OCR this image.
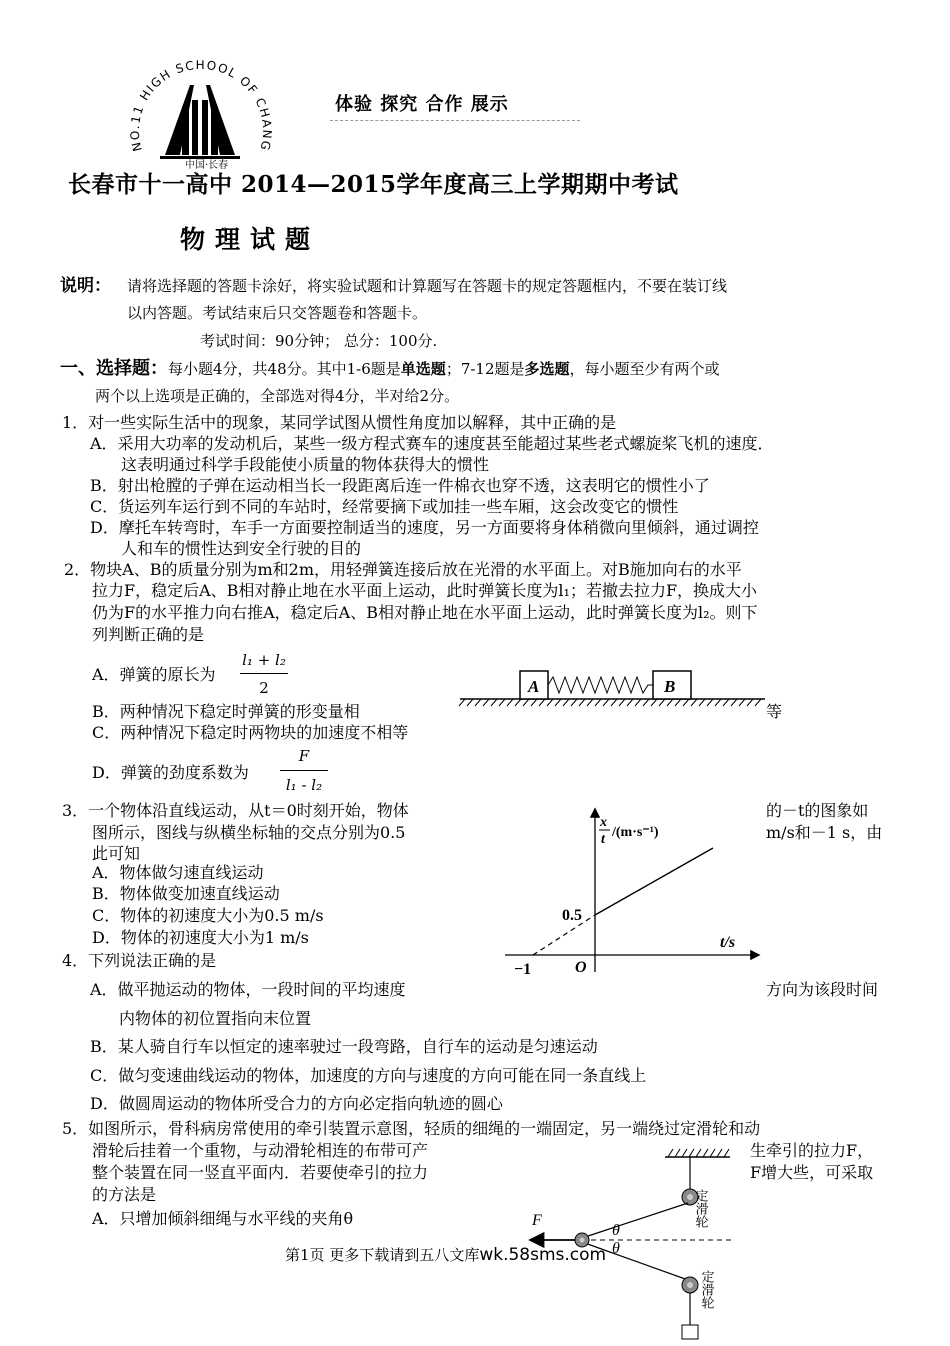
NO.11 HIGH SCHOOL OF CHANG
中国·长春
体验 探究 合作 展示
长春市十一高中 2014—2015学年度高三上学期期中考试
物理试题
说明： 请将选择题的答题卡涂好，将实验试题和计算题写在答题卡的规定答题框内，不要在装订线
以内答题。考试结束后只交答题卷和答题卡。
考试时间：90分钟； 总分：100分.
一、选择题：每小题4分，共48分。其中1-6题是单选题；7-12题是多选题，每小题至少有两个或
两个以上选项是正确的，全部选对得4分，半对给2分。
1．对一些实际生活中的现象，某同学试图从惯性角度加以解释，其中正确的是
A．采用大功率的发动机后，某些一级方程式赛车的速度甚至能超过某些老式螺旋桨飞机的速度．
这表明通过科学手段能使小质量的物体获得大的惯性
B．射出枪膛的子弹在运动相当长一段距离后连一件棉衣也穿不透，这表明它的惯性小了
C．货运列车运行到不同的车站时，经常要摘下或加挂一些车厢，这会改变它的惯性
D．摩托车转弯时，车手一方面要控制适当的速度，另一方面要将身体稍微向里倾斜，通过调控
人和车的惯性达到安全行驶的目的
2．物块A、B的质量分别为m和2m，用轻弹簧连接后放在光滑的水平面上。对B施加向右的水平
拉力F，稳定后A、B相对静止地在水平面上运动，此时弹簧长度为l₁；若撤去拉力F，换成大小
仍为F的水平推力向右推A，稳定后A、B相对静止地在水平面上运动，此时弹簧长度为l₂。则下
列判断正确的是
A．弹簧的原长为
l₁ + l₂
2	A	B
B．两种情况下稳定时弹簧的形变量相	等
C．两种情况下稳定时两物块的加速度不相等
D．弹簧的劲度系数为
F
l₁ - l₂
3．一个物体沿直线运动，从t＝0时刻开始，物体	的－t的图象如
图所示，图线与纵横坐标轴的交点分别为0.5	m/s和－1 s，由
此可知
A．物体做匀速直线运动
B．物体做变加速直线运动
C．物体的初速度大小为0.5 m/s
D．物体的初速度大小为1 m/s
x
t /(m·s⁻¹)
t/s
O
0.5
−1
4．下列说法正确的是
A．做平抛运动的物体，一段时间的平均速度	方向为该段时间
内物体的初位置指向末位置
B．某人骑自行车以恒定的速率驶过一段弯路，自行车的运动是匀速运动
C．做匀变速曲线运动的物体，加速度的方向与速度的方向可能在同一条直线上
D．做圆周运动的物体所受合力的方向必定指向轨迹的圆心
5．如图所示，骨科病房常使用的牵引装置示意图，轻质的细绳的一端固定，另一端绕过定滑轮和动
滑轮后挂着一个重物，与动滑轮相连的布带可产	生牵引的拉力F，
整个装置在同一竖直平面内．若要使牵引的拉力	F增大些，可采取
的方法是
A．只增加倾斜细绳与水平线的夹角θ	F
θ
θ
定滑轮
定滑轮
第1页 更多下载请到五八文库wk.58sms.com
